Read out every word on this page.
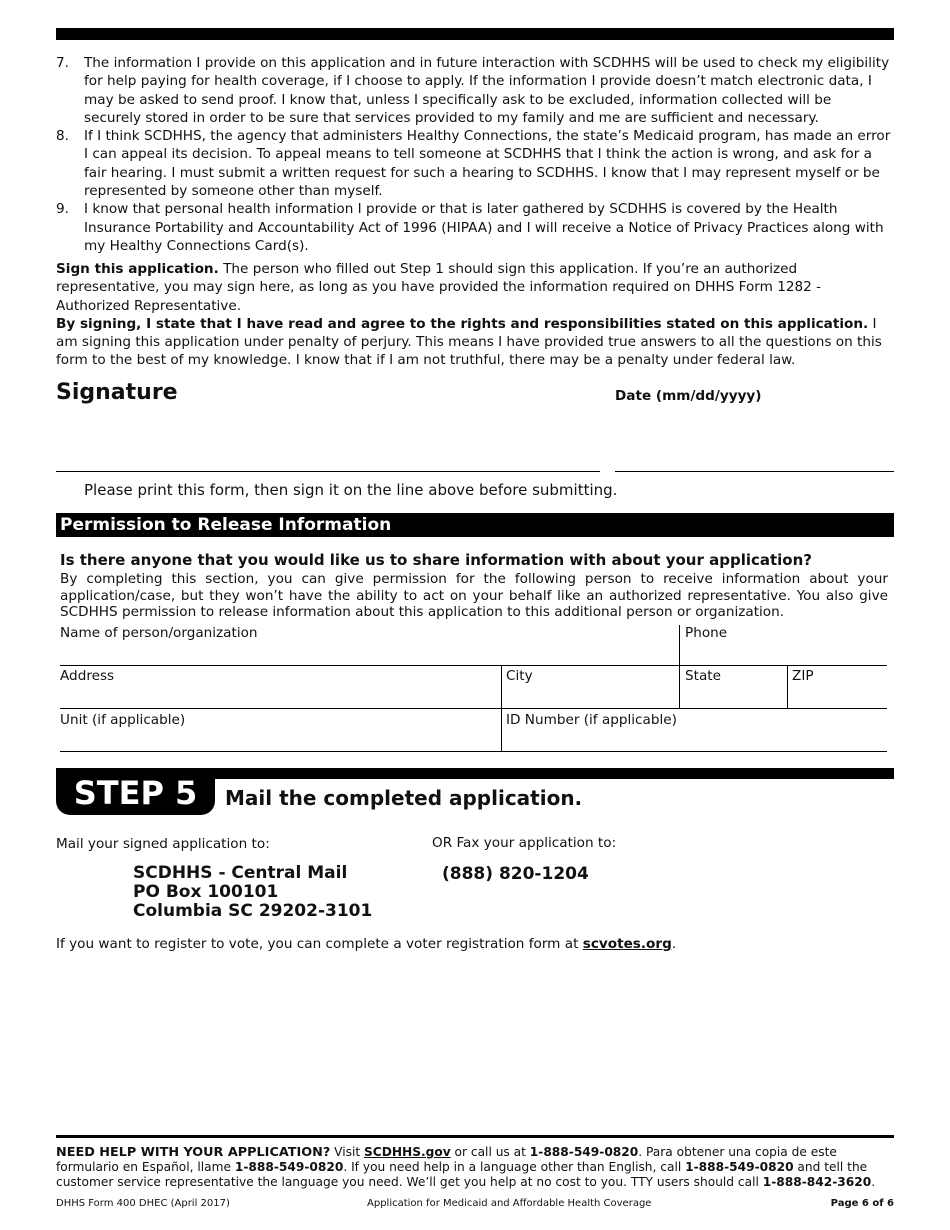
7.	The information I provide on this application and in future interaction with SCDHHS will be used to check my eligibility for help paying for health coverage, if I choose to apply. If the information I provide doesn’t match electronic data, I may be asked to send proof. I know that, unless I specifically ask to be excluded, information collected will be securely stored in order to be sure that services provided to my family and me are sufficient and necessary.
8.	If I think SCDHHS, the agency that administers Healthy Connections, the state’s Medicaid program, has made an error I can appeal its decision. To appeal means to tell someone at SCDHHS that I think the action is wrong, and ask for a fair hearing. I must submit a written request for such a hearing to SCDHHS. I know that I may represent myself or be represented by someone other than myself.
9.	I know that personal health information I provide or that is later gathered by SCDHHS is covered by the Health Insurance Portability and Accountability Act of 1996 (HIPAA) and I will receive a Notice of Privacy Practices along with my Healthy Connections Card(s).

Sign this application. The person who filled out Step 1 should sign this application. If you’re an authorized representative, you may sign here, as long as you have provided the information required on DHHS Form 1282 - Authorized Representative.

By signing, I state that I have read and agree to the rights and responsibilities stated on this application. I am signing this application under penalty of perjury. This means I have provided true answers to all the questions on this form to the best of my knowledge. I know that if I am not truthful, there may be a penalty under federal law.

Signature	Date (mm/dd/yyyy)
Please print this form, then sign it on the line above before submitting.
Permission to Release Information
Is there anyone that you would like us to share information with about your application?
By completing this section, you can give permission for the following person to receive information about your application/case, but they won’t have the ability to act on your behalf like an authorized representative. You also give SCDHHS permission to release information about this application to this additional person or organization.
Name of person/organization	Phone
Address	City	State	ZIP
Unit (if applicable)	ID Number (if applicable)
STEP 5	Mail the completed application.
Mail your signed application to:	OR Fax your application to:
SCDHHS - Central Mail
PO Box 100101
Columbia SC 29202-3101
(888) 820-1204
If you want to register to vote, you can complete a voter registration form at scvotes.org.
NEED HELP WITH YOUR APPLICATION? Visit SCDHHS.gov or call us at 1-888-549-0820. Para obtener una copia de este formulario en Español, llame 1-888-549-0820. If you need help in a language other than English, call 1-888-549-0820 and tell the customer service representative the language you need. We’ll get you help at no cost to you. TTY users should call 1-888-842-3620.
DHHS Form 400 DHEC (April 2017)	Application for Medicaid and Affordable Health Coverage	Page 6 of 6
